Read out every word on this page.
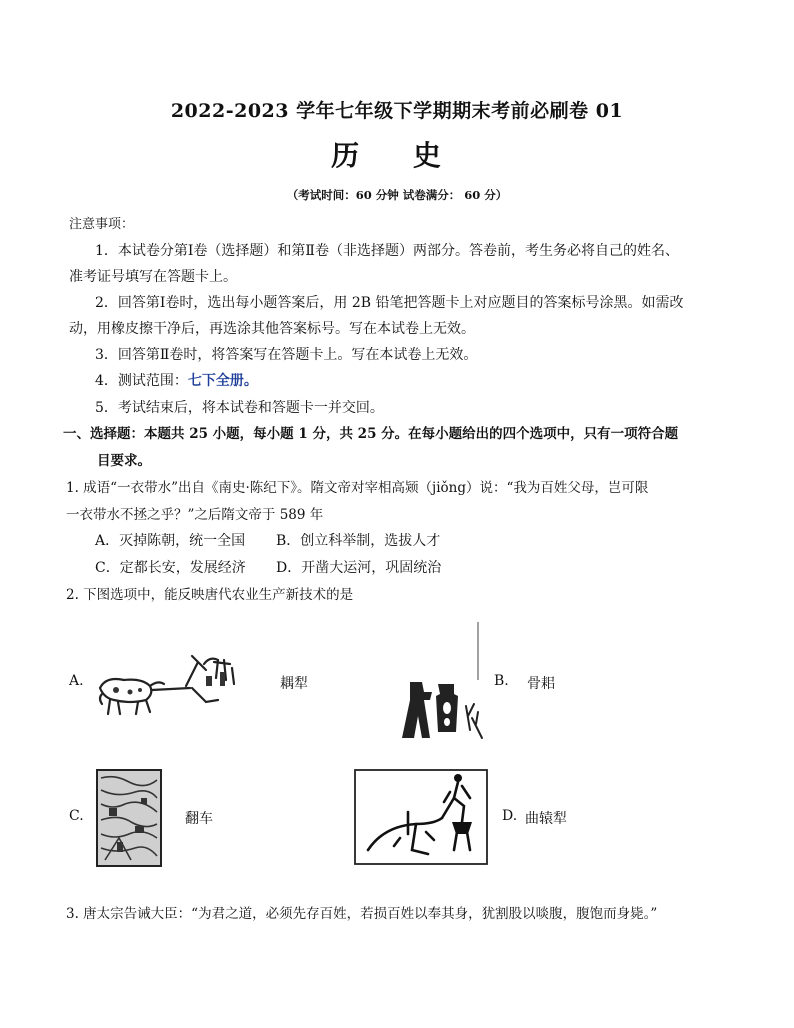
2022-2023 学年七年级下学期期末考前必刷卷 01
历 史
（考试时间：60 分钟 试卷满分： 60 分）
注意事项：
1．本试卷分第Ⅰ卷（选择题）和第Ⅱ卷（非选择题）两部分。答卷前，考生务必将自己的姓名、
准考证号填写在答题卡上。
2．回答第Ⅰ卷时，选出每小题答案后，用 2B 铅笔把答题卡上对应题目的答案标号涂黑。如需改
动，用橡皮擦干净后，再选涂其他答案标号。写在本试卷上无效。
3．回答第Ⅱ卷时，将答案写在答题卡上。写在本试卷上无效。
4．测试范围：七下全册。
5．考试结束后，将本试卷和答题卡一并交回。
一、选择题：本题共 25 小题，每小题 1 分，共 25 分。在每小题给出的四个选项中，只有一项符合题
目要求。
1. 成语“一衣带水”出自《南史·陈纪下》。隋文帝对宰相高颎（jiǒng）说：“我为百姓父母，岂可限
一衣带水不拯之乎？”之后隋文帝于 589 年
A．灭掉陈朝，统一全国 B．创立科举制，选拔人才
C．定都长安，发展经济 D．开凿大运河，巩固统治
2. 下图选项中，能反映唐代农业生产新技术的是
A.	耦犁	B. 骨耜
C.	翻车	D. 曲辕犁
3. 唐太宗告诫大臣：“为君之道，必须先存百姓，若损百姓以奉其身，犹割股以啖腹，腹饱而身毙。”
